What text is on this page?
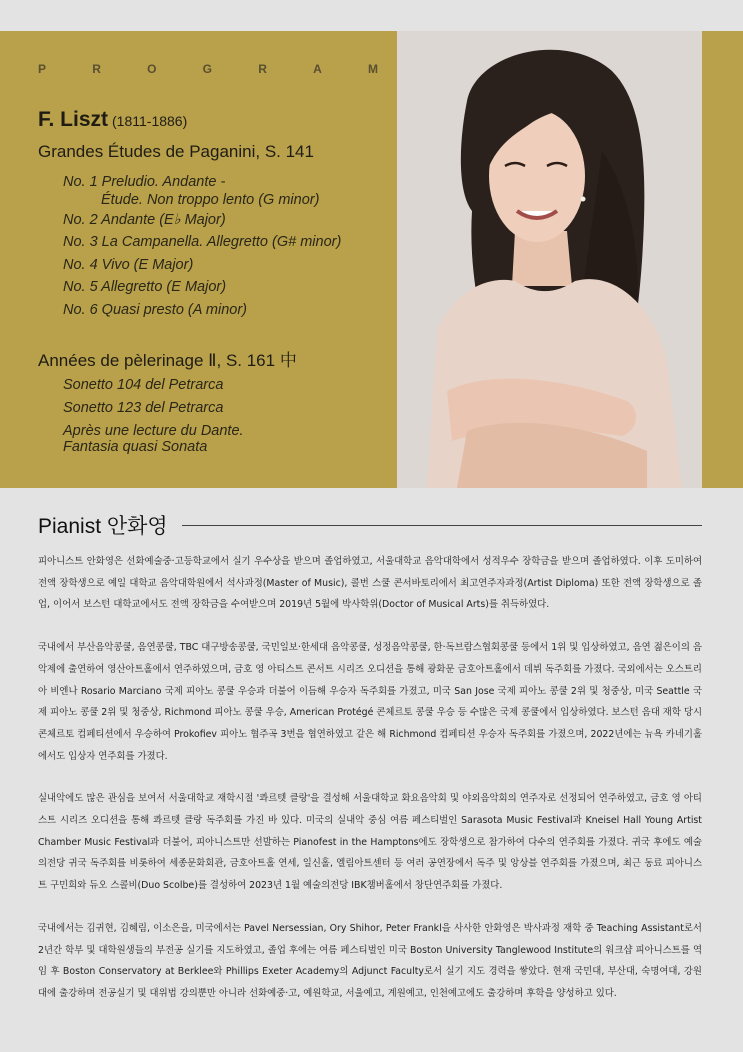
P	R	O	G	R	A	M
F. Liszt (1811-1886)
Grandes Études de Paganini, S. 141
No. 1 Preludio. Andante -
Étude. Non troppo lento (G minor)
No. 2 Andante (E♭ Major)
No. 3 La Campanella. Allegretto (G# minor)
No. 4 Vivo (E Major)
No. 5 Allegretto (E Major)
No. 6 Quasi presto (A minor)
Années de pèlerinage Ⅱ, S. 161 中
Sonetto 104 del Petrarca
Sonetto 123 del Petrarca
Après une lecture du Dante.
Fantasia quasi Sonata
Pianist 안화영

피아니스트 안화영은 선화예술중·고등학교에서 실기 우수상을 받으며 졸업하였고, 서울대학교 음악대학에서 성적우수 장학금을 받으며 졸업하였다. 이후 도미하여 전액 장학생으로 예일 대학교 음악대학원에서 석사과정(Master of Music), 콜번 스쿨 콘서바토리에서 최고연주자과정(Artist Diploma) 또한 전액 장학생으로 졸업, 이어서 보스턴 대학교에서도 전액 장학금을 수여받으며 2019년 5월에 박사학위(Doctor of Musical Arts)를 취득하였다.

국내에서 부산음악콩쿨, 음연콩쿨, TBC 대구방송콩쿨, 국민일보·한세대 음악콩쿨, 성정음악콩쿨, 한·독브람스협회콩쿨 등에서 1위 및 입상하였고, 음연 젊은이의 음악제에 출연하여 영산아트홀에서 연주하였으며, 금호 영 아티스트 콘서트 시리즈 오디션을 통해 광화문 금호아트홀에서 데뷔 독주회를 가졌다. 국외에서는 오스트리아 비엔나 Rosario Marciano 국제 피아노 콩쿨 우승과 더불어 이듬해 우승자 독주회를 가졌고, 미국 San Jose 국제 피아노 콩쿨 2위 및 청중상, 미국 Seattle 국제 피아노 콩쿨 2위 및 청중상, Richmond 피아노 콩쿨 우승, American Protégé 콘체르토 콩쿨 우승 등 수많은 국제 콩쿨에서 입상하였다. 보스턴 음대 재학 당시 콘체르토 컴페티션에서 우승하여 Prokofiev 피아노 협주곡 3번을 협연하였고 같은 해 Richmond 컴페티션 우승자 독주회를 가졌으며, 2022년에는 뉴욕 카네기홀에서도 입상자 연주회를 가졌다.

실내악에도 많은 관심을 보여서 서울대학교 재학시절 '콰르텟 클랑'을 결성해 서울대학교 화요음악회 및 야외음악회의 연주자로 선정되어 연주하였고, 금호 영 아티스트 시리즈 오디션을 통해 콰르텟 클랑 독주회를 가진 바 있다. 미국의 실내악 중심 여름 페스티벌인 Sarasota Music Festival과 Kneisel Hall Young Artist Chamber Music Festival과 더불어, 피아니스트만 선발하는 Pianofest in the Hamptons에도 장학생으로 참가하여 다수의 연주회를 가졌다. 귀국 후에도 예술의전당 귀국 독주회를 비롯하여 세종문화회관, 금호아트홀 연세, 일신홀, 엘림아트센터 등 여러 공연장에서 독주 및 앙상블 연주회를 가졌으며, 최근 동료 피아니스트 구민희와 듀오 스콜비(Duo Scolbe)를 결성하여 2023년 1월 예술의전당 IBK챔버홀에서 창단연주회를 가졌다.

국내에서는 김귀현, 김혜림, 이소은을, 미국에서는 Pavel Nersessian, Ory Shihor, Peter Frankl을 사사한 안화영은 박사과정 재학 중 Teaching Assistant로서 2년간 학부 및 대학원생들의 부전공 실기를 지도하였고, 졸업 후에는 여름 페스티벌인 미국 Boston University Tanglewood Institute의 워크샵 피아니스트를 역임 후 Boston Conservatory at Berklee와 Phillips Exeter Academy의 Adjunct Faculty로서 실기 지도 경력을 쌓았다. 현재 국민대, 부산대, 숙명여대, 강원대에 출강하며 전공실기 및 대위법 강의뿐만 아니라 선화예중·고, 예원학교, 서울예고, 계원예고, 인천예고에도 출강하며 후학을 양성하고 있다.
